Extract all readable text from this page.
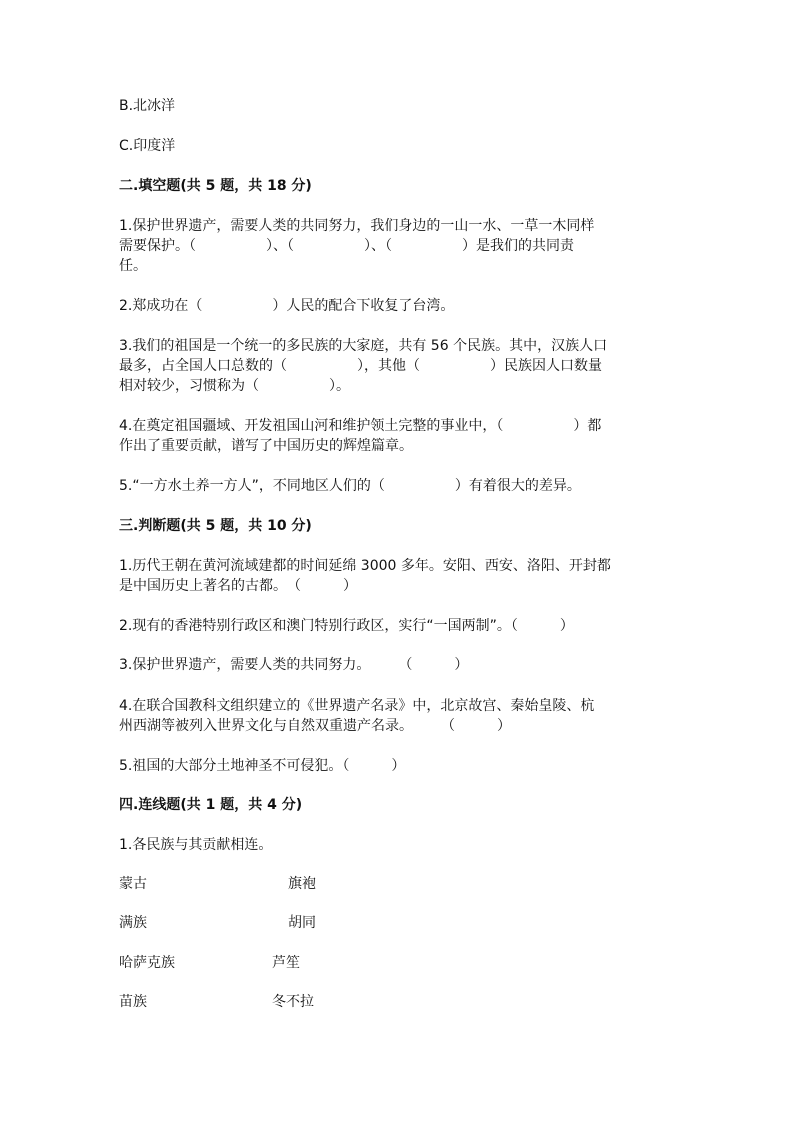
B.北冰洋
C.印度洋
二.填空题(共 5 题，共 18 分)
1.保护世界遗产，需要人类的共同努力，我们身边的一山一水、一草一木同样
需要保护。（　　　　　）、（　　　　　）、（　　　　　）是我们的共同责
任。
2.郑成功在（　　　　　）人民的配合下收复了台湾。
3.我们的祖国是一个统一的多民族的大家庭，共有 56 个民族。其中，汉族人口
最多，占全国人口总数的（　　　　　），其他（　　　　　）民族因人口数量
相对较少，习惯称为（　　　　　）。
4.在奠定祖国疆域、开发祖国山河和维护领土完整的事业中，（　　　　　）都
作出了重要贡献，谱写了中国历史的辉煌篇章。
5.“一方水土养一方人”，不同地区人们的（　　　　　）有着很大的差异。
三.判断题(共 5 题，共 10 分)
1.历代王朝在黄河流域建都的时间延绵 3000 多年。安阳、西安、洛阳、开封都
是中国历史上著名的古都。　（　　　）
2.现有的香港特别行政区和澳门特别行政区，实行“一国两制”。（　　　）
3.保护世界遗产，需要人类的共同努力。　　　（　　　）
4.在联合国教科文组织建立的《世界遗产名录》中，北京故宫、秦始皇陵、杭
州西湖等被列入世界文化与自然双重遗产名录。　　　（　　　）
5.祖国的大部分土地神圣不可侵犯。（　　　）
四.连线题(共 1 题，共 4 分)
1.各民族与其贡献相连。
蒙古	旗袍
满族	胡同
哈萨克族	芦笙
苗族	冬不拉
